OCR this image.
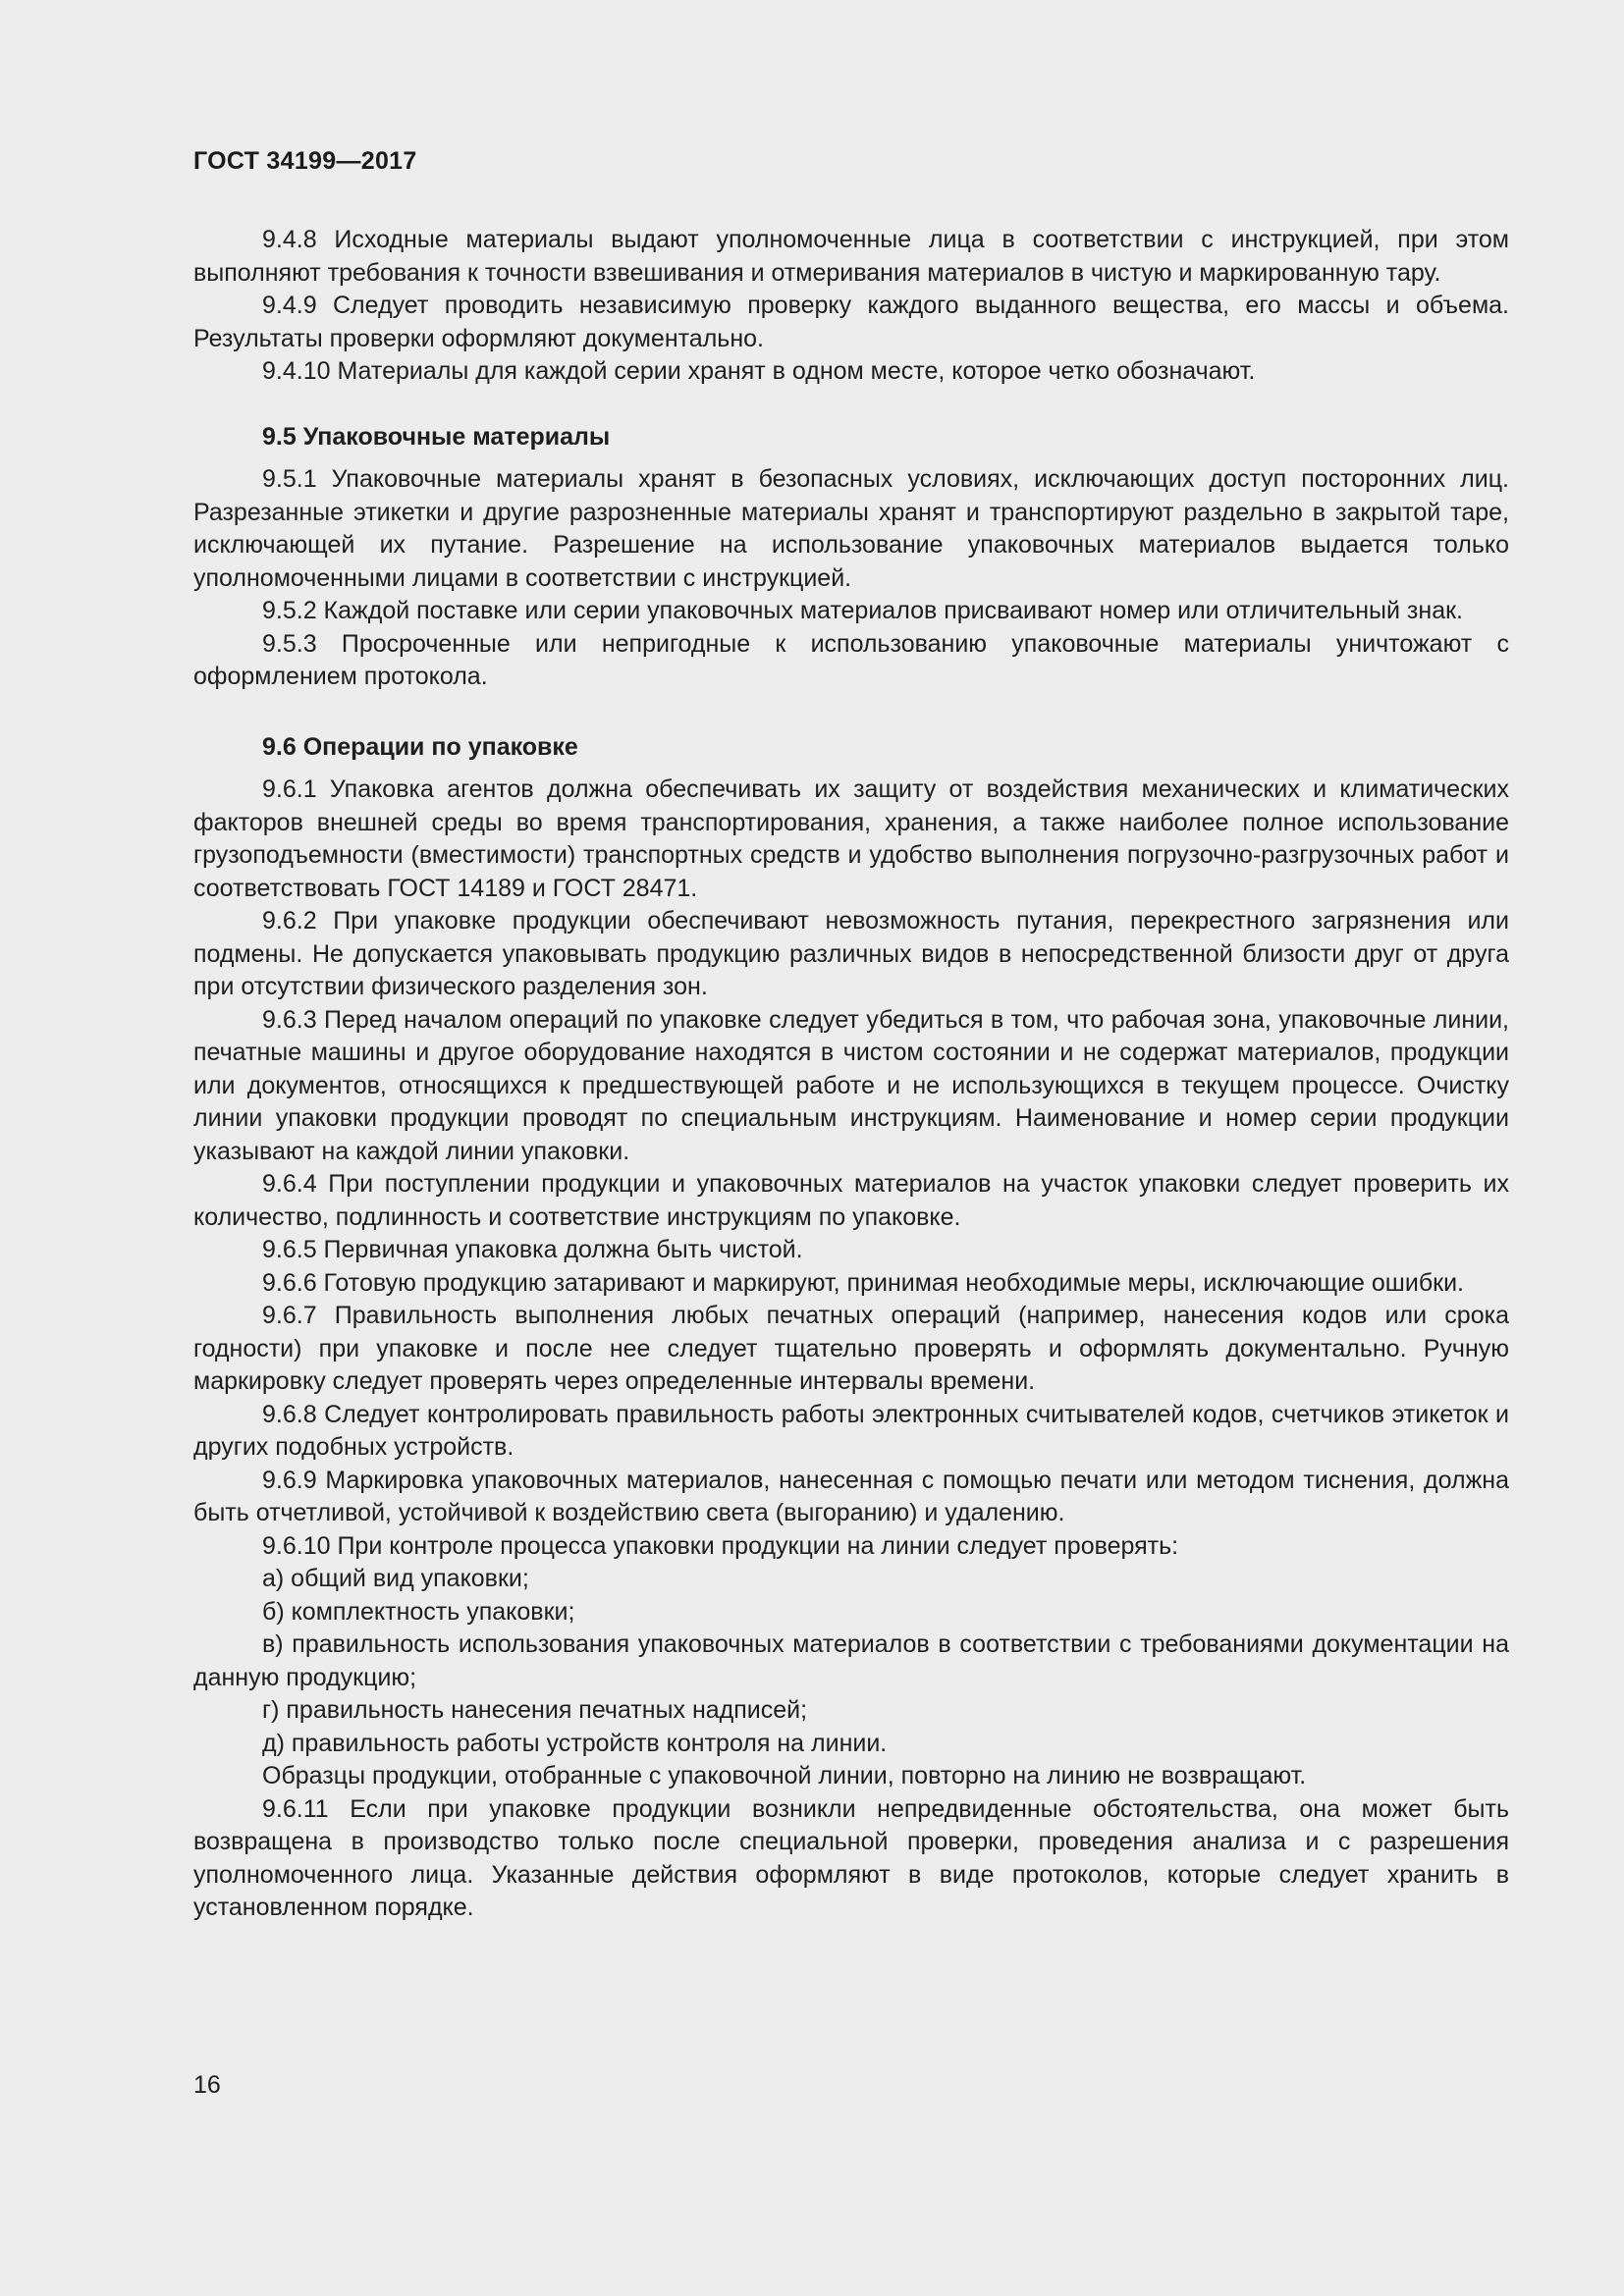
ГОСТ 34199—2017

9.4.8 Исходные материалы выдают уполномоченные лица в соответствии с инструкцией, при этом выполняют требования к точности взвешивания и отмеривания материалов в чистую и маркированную тару.

9.4.9 Следует проводить независимую проверку каждого выданного вещества, его массы и объема. Результаты проверки оформляют документально.

9.4.10 Материалы для каждой серии хранят в одном месте, которое четко обозначают.

9.5 Упаковочные материалы

9.5.1 Упаковочные материалы хранят в безопасных условиях, исключающих доступ посторонних лиц. Разрезанные этикетки и другие разрозненные материалы хранят и транспортируют раздельно в закрытой таре, исключающей их путание. Разрешение на использование упаковочных материалов выдается только уполномоченными лицами в соответствии с инструкцией.

9.5.2 Каждой поставке или серии упаковочных материалов присваивают номер или отличительный знак.

9.5.3 Просроченные или непригодные к использованию упаковочные материалы уничтожают с оформлением протокола.

9.6 Операции по упаковке

9.6.1 Упаковка агентов должна обеспечивать их защиту от воздействия механических и климатических факторов внешней среды во время транспортирования, хранения, а также наиболее полное использование грузоподъемности (вместимости) транспортных средств и удобство выполнения погрузочно-разгрузочных работ и соответствовать ГОСТ 14189 и ГОСТ 28471.

9.6.2 При упаковке продукции обеспечивают невозможность путания, перекрестного загрязнения или подмены. Не допускается упаковывать продукцию различных видов в непосредственной близости друг от друга при отсутствии физического разделения зон.

9.6.3 Перед началом операций по упаковке следует убедиться в том, что рабочая зона, упаковочные линии, печатные машины и другое оборудование находятся в чистом состоянии и не содержат материалов, продукции или документов, относящихся к предшествующей работе и не использующихся в текущем процессе. Очистку линии упаковки продукции проводят по специальным инструкциям. Наименование и номер серии продукции указывают на каждой линии упаковки.

9.6.4 При поступлении продукции и упаковочных материалов на участок упаковки следует проверить их количество, подлинность и соответствие инструкциям по упаковке.

9.6.5 Первичная упаковка должна быть чистой.

9.6.6 Готовую продукцию затаривают и маркируют, принимая необходимые меры, исключающие ошибки.

9.6.7 Правильность выполнения любых печатных операций (например, нанесения кодов или срока годности) при упаковке и после нее следует тщательно проверять и оформлять документально. Ручную маркировку следует проверять через определенные интервалы времени.

9.6.8 Следует контролировать правильность работы электронных считывателей кодов, счетчиков этикеток и других подобных устройств.

9.6.9 Маркировка упаковочных материалов, нанесенная с помощью печати или методом тиснения, должна быть отчетливой, устойчивой к воздействию света (выгоранию) и удалению.

9.6.10 При контроле процесса упаковки продукции на линии следует проверять:

а) общий вид упаковки;

б) комплектность упаковки;

в) правильность использования упаковочных материалов в соответствии с требованиями документации на данную продукцию;

г) правильность нанесения печатных надписей;

д) правильность работы устройств контроля на линии.

Образцы продукции, отобранные с упаковочной линии, повторно на линию не возвращают.

9.6.11 Если при упаковке продукции возникли непредвиденные обстоятельства, она может быть возвращена в производство только после специальной проверки, проведения анализа и с разрешения уполномоченного лица. Указанные действия оформляют в виде протоколов, которые следует хранить в установленном порядке.

16
